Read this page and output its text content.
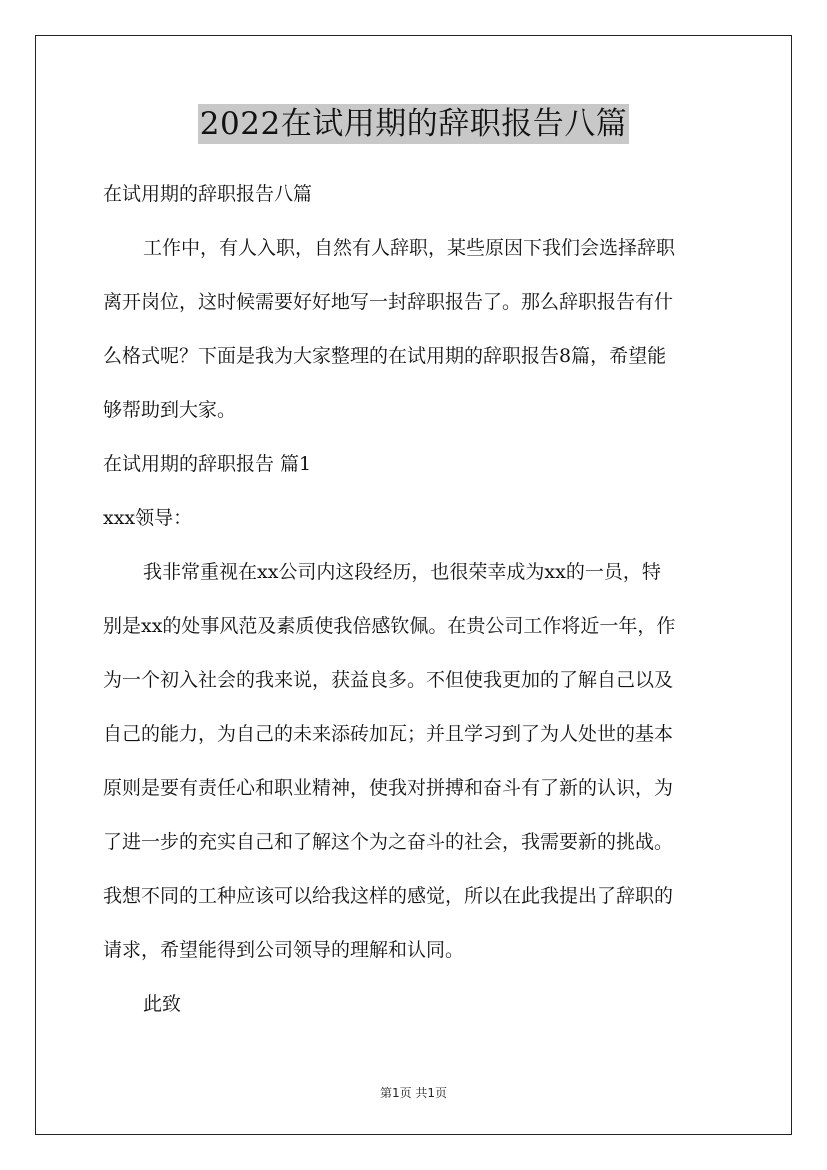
2022在试用期的辞职报告八篇
在试用期的辞职报告八篇
工作中，有人入职，自然有人辞职，某些原因下我们会选择辞职
离开岗位，这时候需要好好地写一封辞职报告了。那么辞职报告有什
么格式呢？下面是我为大家整理的在试用期的辞职报告8篇，希望能
够帮助到大家。
在试用期的辞职报告 篇1
xxx领导：
我非常重视在xx公司内这段经历，也很荣幸成为xx的一员，特
别是xx的处事风范及素质使我倍感钦佩。在贵公司工作将近一年，作
为一个初入社会的我来说，获益良多。不但使我更加的了解自己以及
自己的能力，为自己的未来添砖加瓦；并且学习到了为人处世的基本
原则是要有责任心和职业精神，使我对拼搏和奋斗有了新的认识，为
了进一步的充实自己和了解这个为之奋斗的社会，我需要新的挑战。
我想不同的工种应该可以给我这样的感觉，所以在此我提出了辞职的
请求，希望能得到公司领导的理解和认同。
此致
第1页 共1页
